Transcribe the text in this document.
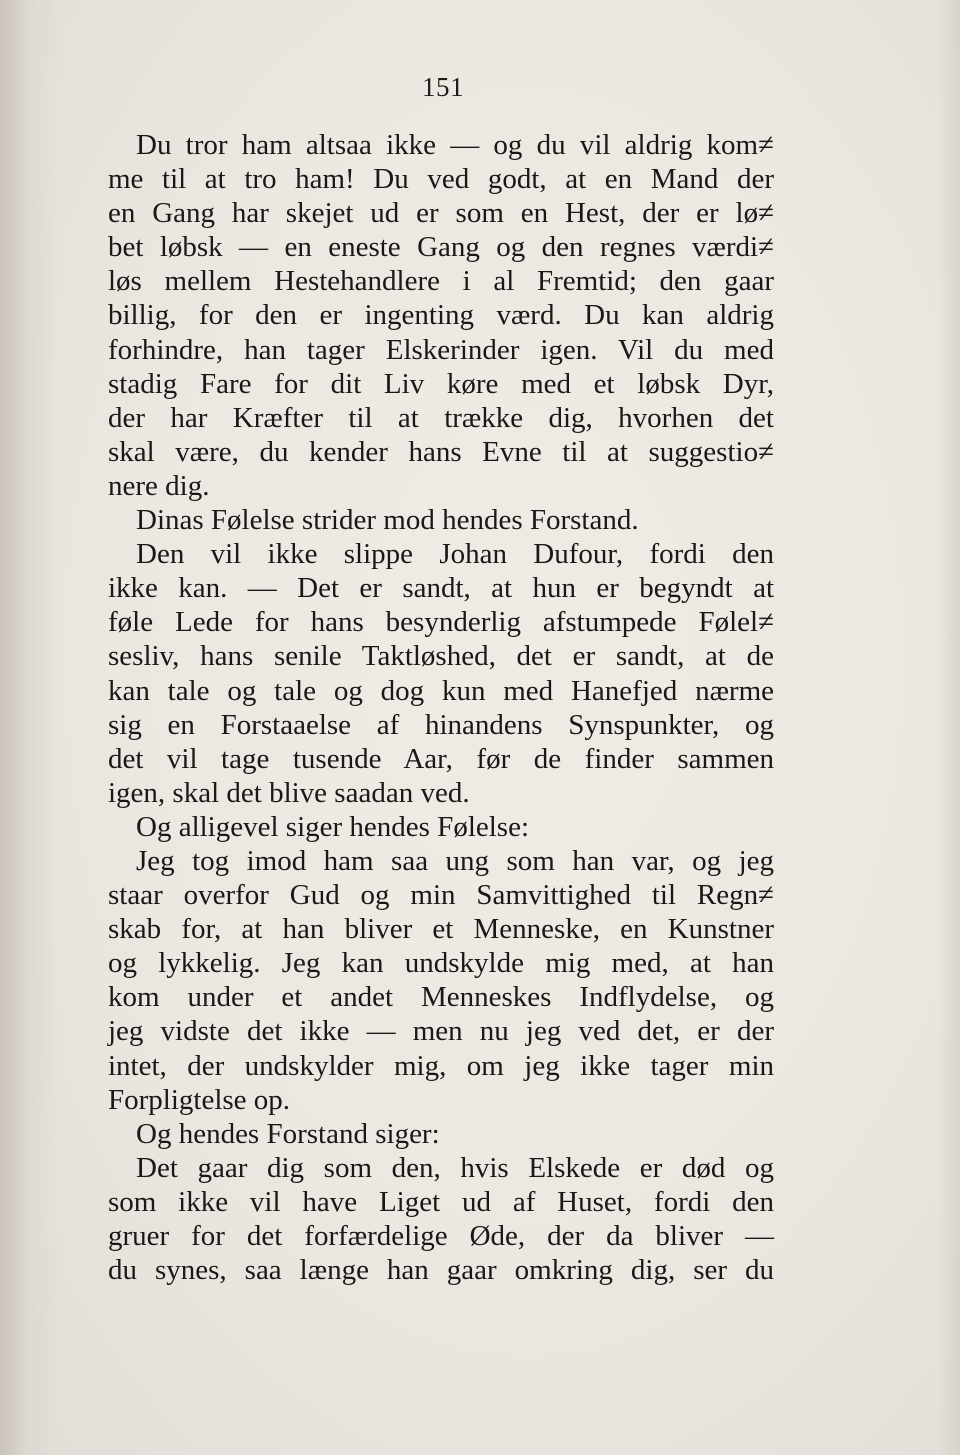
151
Du tror ham altsaa ikke — og du vil aldrig kom≠
me til at tro ham! Du ved godt, at en Mand der
en Gang har skejet ud er som en Hest, der er lø≠
bet løbsk — en eneste Gang og den regnes værdi≠
løs mellem Hestehandlere i al Fremtid; den gaar
billig, for den er ingenting værd. Du kan aldrig
forhindre, han tager Elskerinder igen. Vil du med
stadig Fare for dit Liv køre med et løbsk Dyr,
der har Kræfter til at trække dig, hvorhen det
skal være, du kender hans Evne til at suggestio≠
nere dig.
Dinas Følelse strider mod hendes Forstand.
Den vil ikke slippe Johan Dufour, fordi den
ikke kan. — Det er sandt, at hun er begyndt at
føle Lede for hans besynderlig afstumpede Følel≠
sesliv, hans senile Taktløshed, det er sandt, at de
kan tale og tale og dog kun med Hanefjed nærme
sig en Forstaaelse af hinandens Synspunkter, og
det vil tage tusende Aar, før de finder sammen
igen, skal det blive saadan ved.
Og alligevel siger hendes Følelse:
Jeg tog imod ham saa ung som han var, og jeg
staar overfor Gud og min Samvittighed til Regn≠
skab for, at han bliver et Menneske, en Kunstner
og lykkelig. Jeg kan undskylde mig med, at han
kom under et andet Menneskes Indflydelse, og
jeg vidste det ikke — men nu jeg ved det, er der
intet, der undskylder mig, om jeg ikke tager min
Forpligtelse op.
Og hendes Forstand siger:
Det gaar dig som den, hvis Elskede er død og
som ikke vil have Liget ud af Huset, fordi den
gruer for det forfærdelige Øde, der da bliver —
du synes, saa længe han gaar omkring dig, ser du
